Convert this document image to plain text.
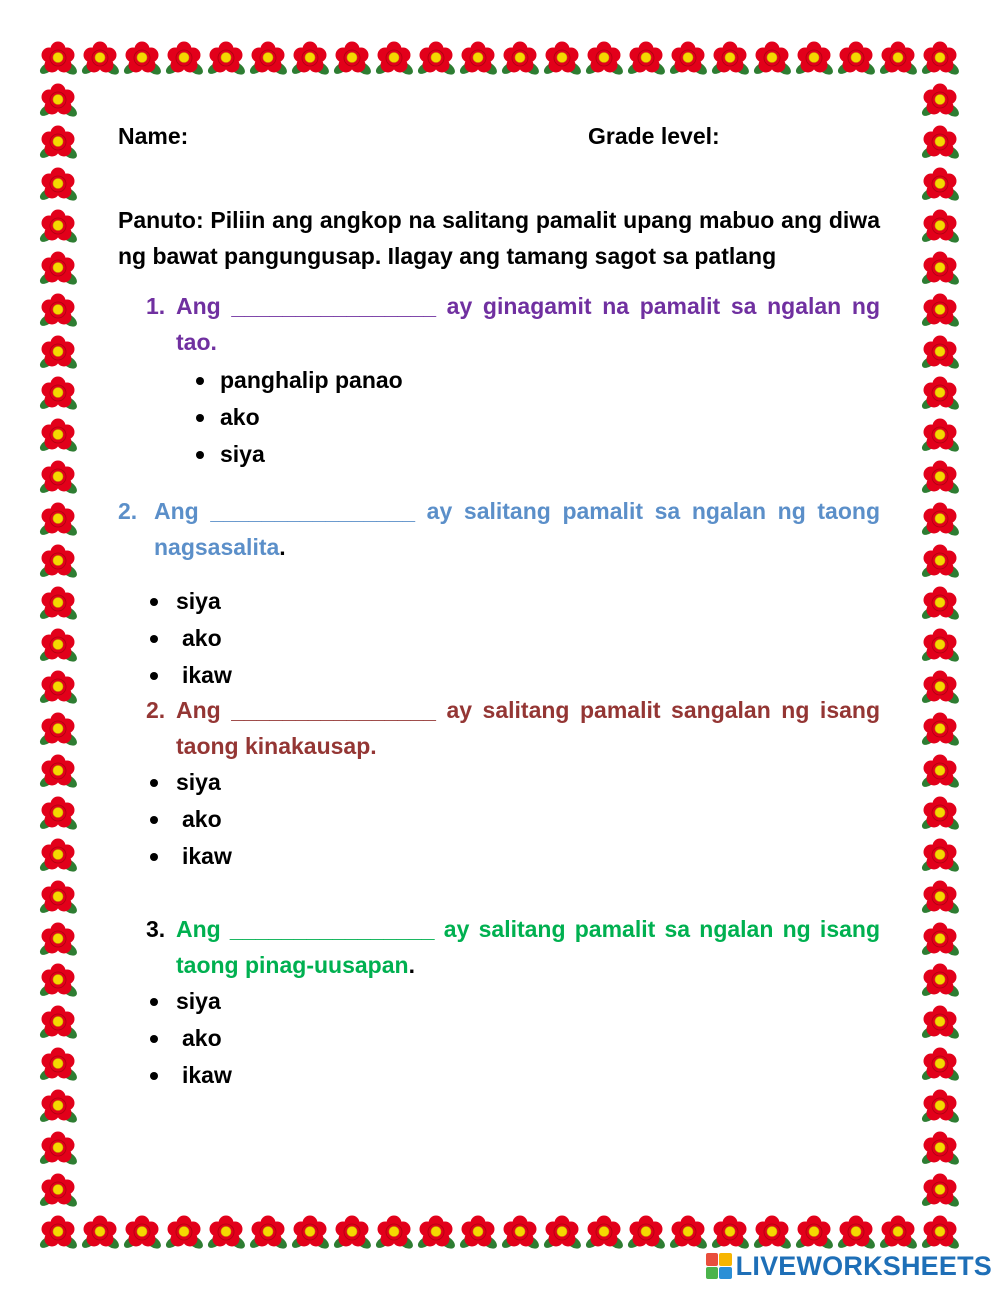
Name:	Grade level:
Panuto: Piliin ang angkop na salitang pamalit upang mabuo ang diwa ng bawat pangungusap. Ilagay ang tamang sagot sa patlang
1. Ang ________________ ay ginagamit na pamalit sa ngalan ng tao.
panghalip panao
ako
siya
2. Ang ________________ ay salitang pamalit sa ngalan ng taong nagsasalita.
siya
ako
ikaw
2. Ang ________________ ay salitang pamalit sangalan ng isang taong kinakausap.
siya
ako
ikaw
3. Ang ________________ ay salitang pamalit sa ngalan ng isang taong pinag-uusapan.
siya
ako
ikaw
LIVEWORKSHEETS
